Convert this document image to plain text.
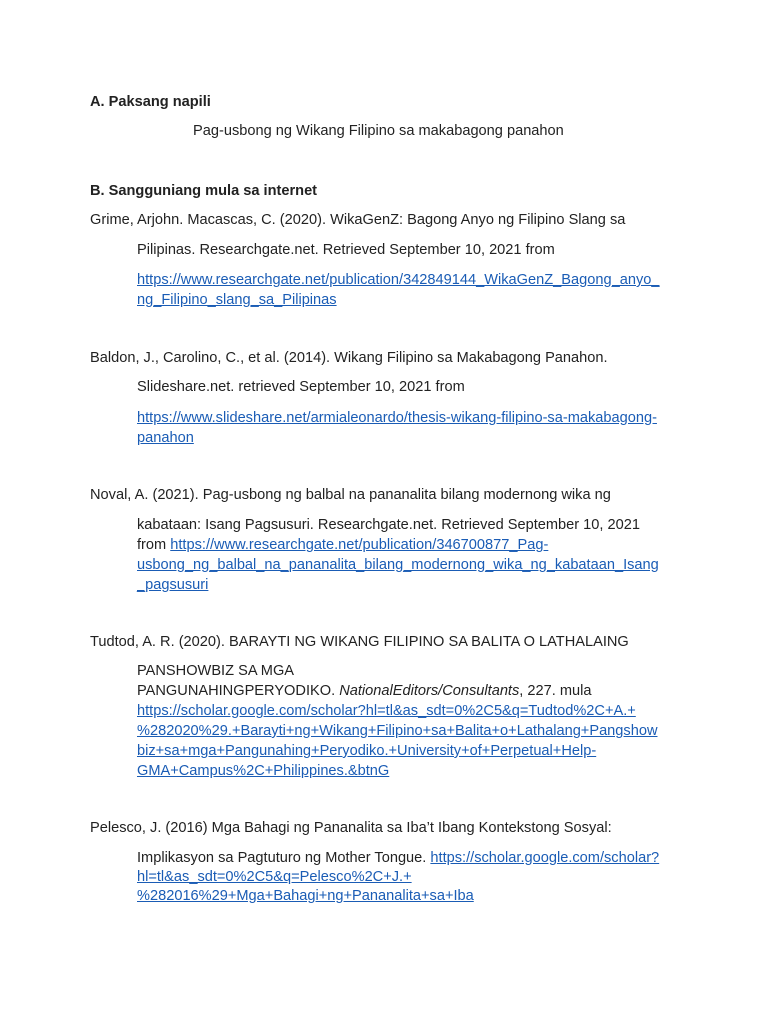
A. Paksang napili
Pag-usbong ng Wikang Filipino sa makabagong panahon
B. Sangguniang mula sa internet
Grime, Arjohn. Macascas, C. (2020). WikaGenZ: Bagong Anyo ng Filipino Slang sa
Pilipinas. Researchgate.net. Retrieved September 10, 2021 from
https://www.researchgate.net/publication/342849144_WikaGenZ_Bagong_anyo_
ng_Filipino_slang_sa_Pilipinas
Baldon, J., Carolino, C., et al. (2014). Wikang Filipino sa Makabagong Panahon.
Slideshare.net. retrieved September 10, 2021 from
https://www.slideshare.net/armialeonardo/thesis-wikang-filipino-sa-makabagong-
panahon
Noval, A. (2021). Pag-usbong ng balbal na pananalita bilang modernong wika ng
kabataan: Isang Pagsusuri. Researchgate.net. Retrieved September 10, 2021
from https://www.researchgate.net/publication/346700877_Pag-
usbong_ng_balbal_na_pananalita_bilang_modernong_wika_ng_kabataan_Isang
_pagsusuri
Tudtod, A. R. (2020). BARAYTI NG WIKANG FILIPINO SA BALITA O LATHALAING
PANSHOWBIZ SA MGA
PANGUNAHINGPERYODIKO. NationalEditors/Consultants, 227. mula
https://scholar.google.com/scholar?hl=tl&as_sdt=0%2C5&q=Tudtod%2C+A.+
%282020%29.+Barayti+ng+Wikang+Filipino+sa+Balita+o+Lathalang+Pangshow
biz+sa+mga+Pangunahing+Peryodiko.+University+of+Perpetual+Help-
GMA+Campus%2C+Philippines.&btnG
Pelesco, J. (2016) Mga Bahagi ng Pananalita sa Iba’t Ibang Kontekstong Sosyal:
Implikasyon sa Pagtuturo ng Mother Tongue. https://scholar.google.com/scholar?
hl=tl&as_sdt=0%2C5&q=Pelesco%2C+J.+
%282016%29+Mga+Bahagi+ng+Pananalita+sa+Iba
